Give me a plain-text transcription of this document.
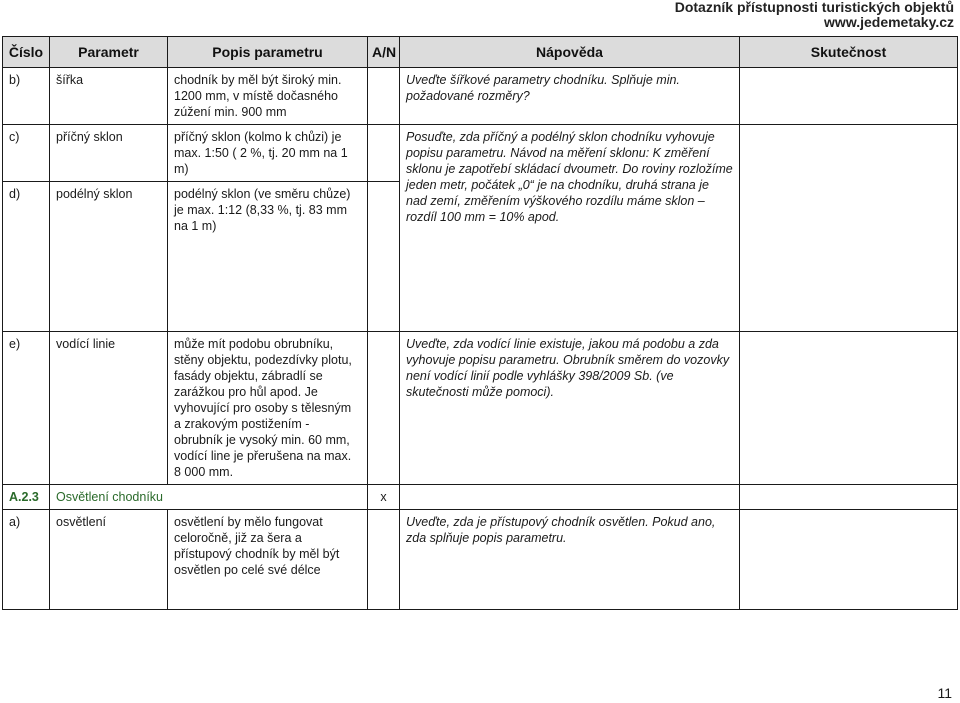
Dotazník přístupnosti turistických objektů
www.jedemetaky.cz
Číslo	Parametr	Popis parametru	A/N	Nápověda	Skutečnost
b)	šířka	chodník by měl být široký min. 1200 mm, v místě dočasného zúžení min. 900 mm		Uveďte šířkové parametry chodníku. Splňuje min. požadované rozměry?	
c)	příčný sklon	příčný sklon (kolmo k chůzi) je max. 1:50 ( 2 %, tj. 20 mm na 1 m)		Posuďte, zda příčný a podélný sklon chodníku vyhovuje popisu parametru. Návod na měření sklonu: K změření sklonu je zapotřebí skládací dvoumetr. Do roviny rozložíme jeden metr, počátek „0“ je na chodníku, druhá strana je nad zemí, změřením výškového rozdílu máme sklon – rozdíl 100 mm = 10% apod.	
d)	podélný sklon	podélný sklon (ve směru chůze) je max. 1:12 (8,33 %, tj. 83 mm na 1 m)			
e)	vodící linie	může mít podobu obrubníku, stěny objektu, podezdívky plotu, fasády objektu, zábradlí se zarážkou pro hůl apod. Je vyhovující pro osoby s tělesným a zrakovým postižením - obrubník je vysoký min. 60 mm, vodící line je přerušena na max. 8 000 mm.		Uveďte, zda vodící linie existuje, jakou má podobu a zda vyhovuje popisu parametru. Obrubník směrem do vozovky není vodící linií podle vyhlášky 398/2009 Sb. (ve skutečnosti může pomoci).	
A.2.3	Osvětlení chodníku		x		
a)	osvětlení	osvětlení by mělo fungovat celoročně, již za šera a přístupový chodník by měl být osvětlen po celé své délce		Uveďte, zda je přístupový chodník osvětlen. Pokud ano, zda splňuje popis parametru.	
11
